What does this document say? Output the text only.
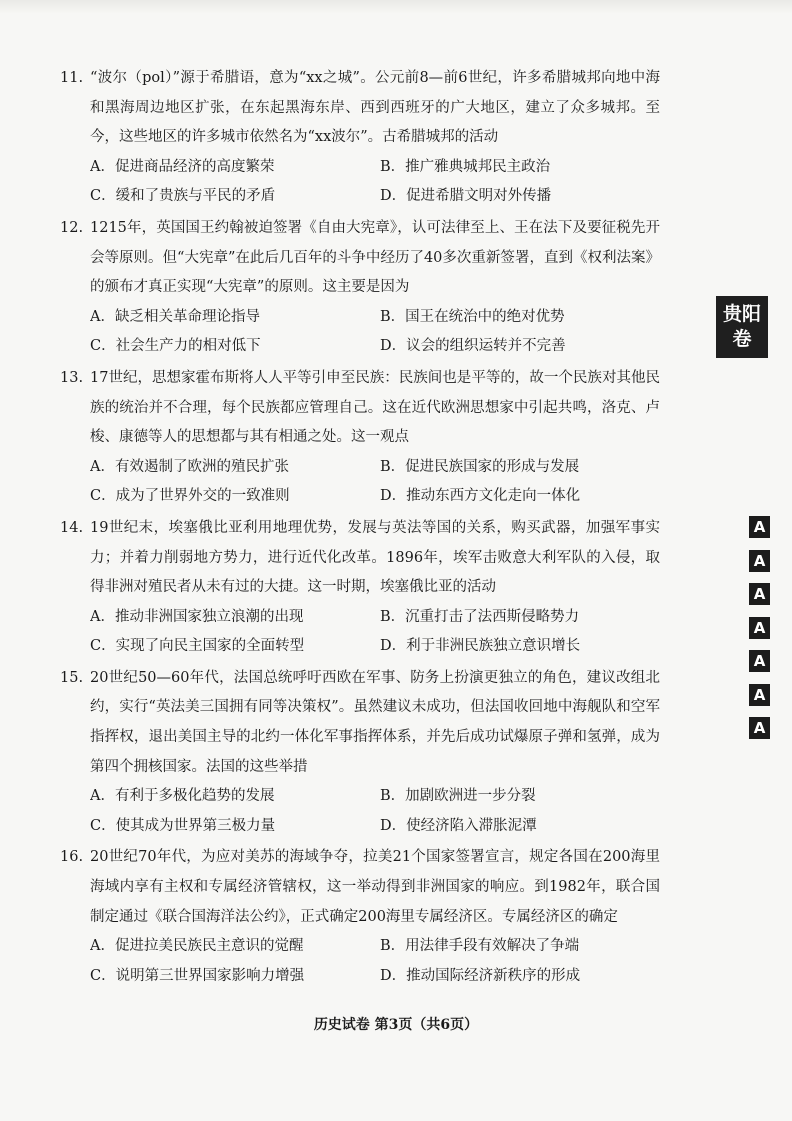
11. “波尔（pol）”源于希腊语，意为“xx之城”。公元前8—前6世纪，许多希腊城邦向地中海和黑海周边地区扩张，在东起黑海东岸、西到西班牙的广大地区，建立了众多城邦。至今，这些地区的许多城市依然名为“xx波尔”。古希腊城邦的活动
A．促进商品经济的高度繁荣	B．推广雅典城邦民主政治
C．缓和了贵族与平民的矛盾	D．促进希腊文明对外传播
12. 1215年，英国国王约翰被迫签署《自由大宪章》，认可法律至上、王在法下及要征税先开会等原则。但“大宪章”在此后几百年的斗争中经历了40多次重新签署，直到《权利法案》的颁布才真正实现“大宪章”的原则。这主要是因为
A．缺乏相关革命理论指导	B．国王在统治中的绝对优势
C．社会生产力的相对低下	D．议会的组织运转并不完善
13. 17世纪，思想家霍布斯将人人平等引申至民族：民族间也是平等的，故一个民族对其他民族的统治并不合理，每个民族都应管理自己。这在近代欧洲思想家中引起共鸣，洛克、卢梭、康德等人的思想都与其有相通之处。这一观点
A．有效遏制了欧洲的殖民扩张	B．促进民族国家的形成与发展
C．成为了世界外交的一致准则	D．推动东西方文化走向一体化
14. 19世纪末，埃塞俄比亚利用地理优势，发展与英法等国的关系，购买武器，加强军事实力；并着力削弱地方势力，进行近代化改革。1896年，埃军击败意大利军队的入侵，取得非洲对殖民者从未有过的大捷。这一时期，埃塞俄比亚的活动
A．推动非洲国家独立浪潮的出现	B．沉重打击了法西斯侵略势力
C．实现了向民主国家的全面转型	D．利于非洲民族独立意识增长
15. 20世纪50—60年代，法国总统呼吁西欧在军事、防务上扮演更独立的角色，建议改组北约，实行“英法美三国拥有同等决策权”。虽然建议未成功，但法国收回地中海舰队和空军指挥权，退出美国主导的北约一体化军事指挥体系，并先后成功试爆原子弹和氢弹，成为第四个拥核国家。法国的这些举措
A．有利于多极化趋势的发展	B．加剧欧洲进一步分裂
C．使其成为世界第三极力量	D．使经济陷入滞胀泥潭
16. 20世纪70年代，为应对美苏的海域争夺，拉美21个国家签署宣言，规定各国在200海里海域内享有主权和专属经济管辖权，这一举动得到非洲国家的响应。到1982年，联合国制定通过《联合国海洋法公约》，正式确定200海里专属经济区。专属经济区的确定
A．促进拉美民族民主意识的觉醒	B．用法律手段有效解决了争端
C．说明第三世界国家影响力增强	D．推动国际经济新秩序的形成
贵阳
卷
A
A
A
A
A
A
A
历史试卷 第3页（共6页）
